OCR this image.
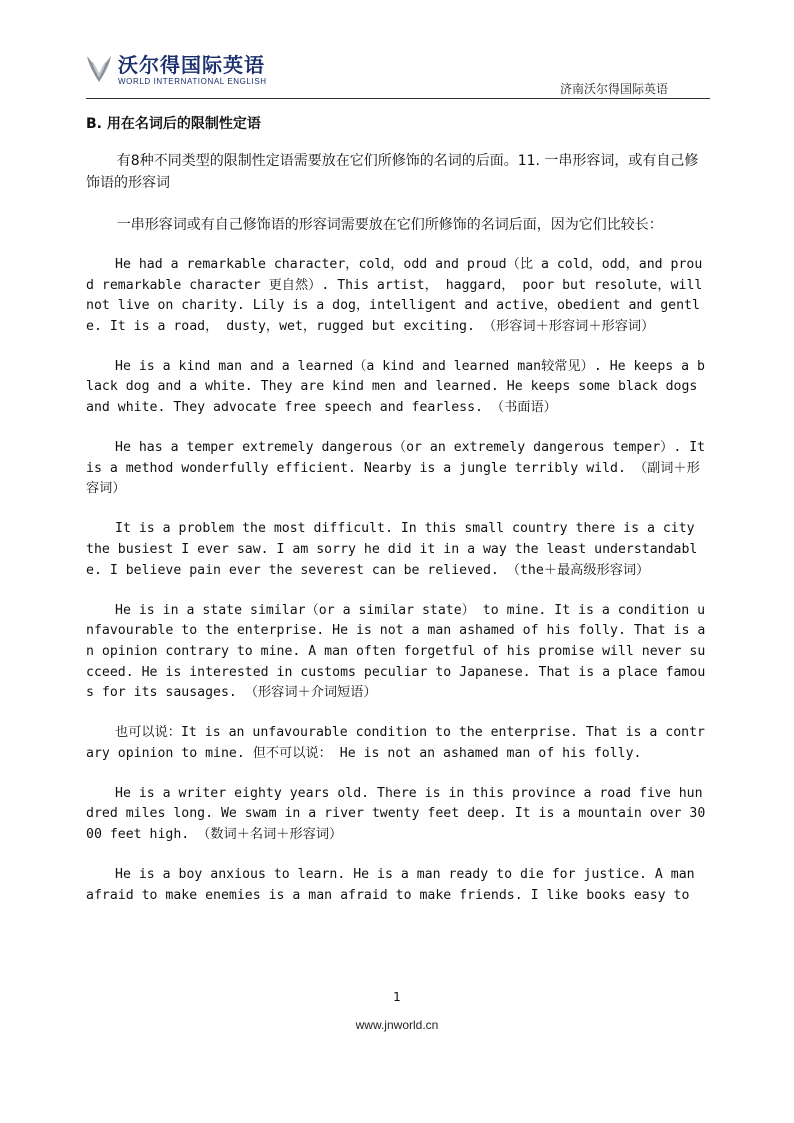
沃尔得国际英语
WORLD INTERNATIONAL ENGLISH
济南沃尔得国际英语
B. 用在名词后的限制性定语

有8种不同类型的限制性定语需要放在它们所修饰的名词的后面。11. 一串形容词，或有自己修饰语的形容词

一串形容词或有自己修饰语的形容词需要放在它们所修饰的名词后面，因为它们比较长：

He had a remarkable character，cold，odd and proud（比 a cold，odd，and proud remarkable character 更自然）. This artist， haggard， poor but resolute，will not live on charity. Lily is a dog，intelligent and active，obedient and gentle. It is a road， dusty，wet，rugged but exciting. （形容词＋形容词＋形容词）

He is a kind man and a learned（a kind and learned man较常见）. He keeps a black dog and a white. They are kind men and learned. He keeps some black dogs and white. They advocate free speech and fearless. （书面语）

He has a temper extremely dangerous（or an extremely dangerous temper）. It is a method wonderfully efficient. Nearby is a jungle terribly wild. （副词＋形容词）

It is a problem the most difficult. In this small country there is a city the busiest I ever saw. I am sorry he did it in a way the least understandable. I believe pain ever the severest can be relieved. （the＋最高级形容词）

He is in a state similar（or a similar state） to mine. It is a condition unfavourable to the enterprise. He is not a man ashamed of his folly. That is an opinion contrary to mine. A man often forgetful of his promise will never succeed. He is interested in customs peculiar to Japanese. That is a place famous for its sausages. （形容词＋介词短语）

也可以说：It is an unfavourable condition to the enterprise. That is a contrary opinion to mine. 但不可以说： He is not an ashamed man of his folly.

He is a writer eighty years old. There is in this province a road five hundred miles long. We swam in a river twenty feet deep. It is a mountain over 3000 feet high. （数词＋名词＋形容词）

He is a boy anxious to learn. He is a man ready to die for justice. A man afraid to make enemies is a man afraid to make friends. I like books easy to

1
www.jnworld.cn
